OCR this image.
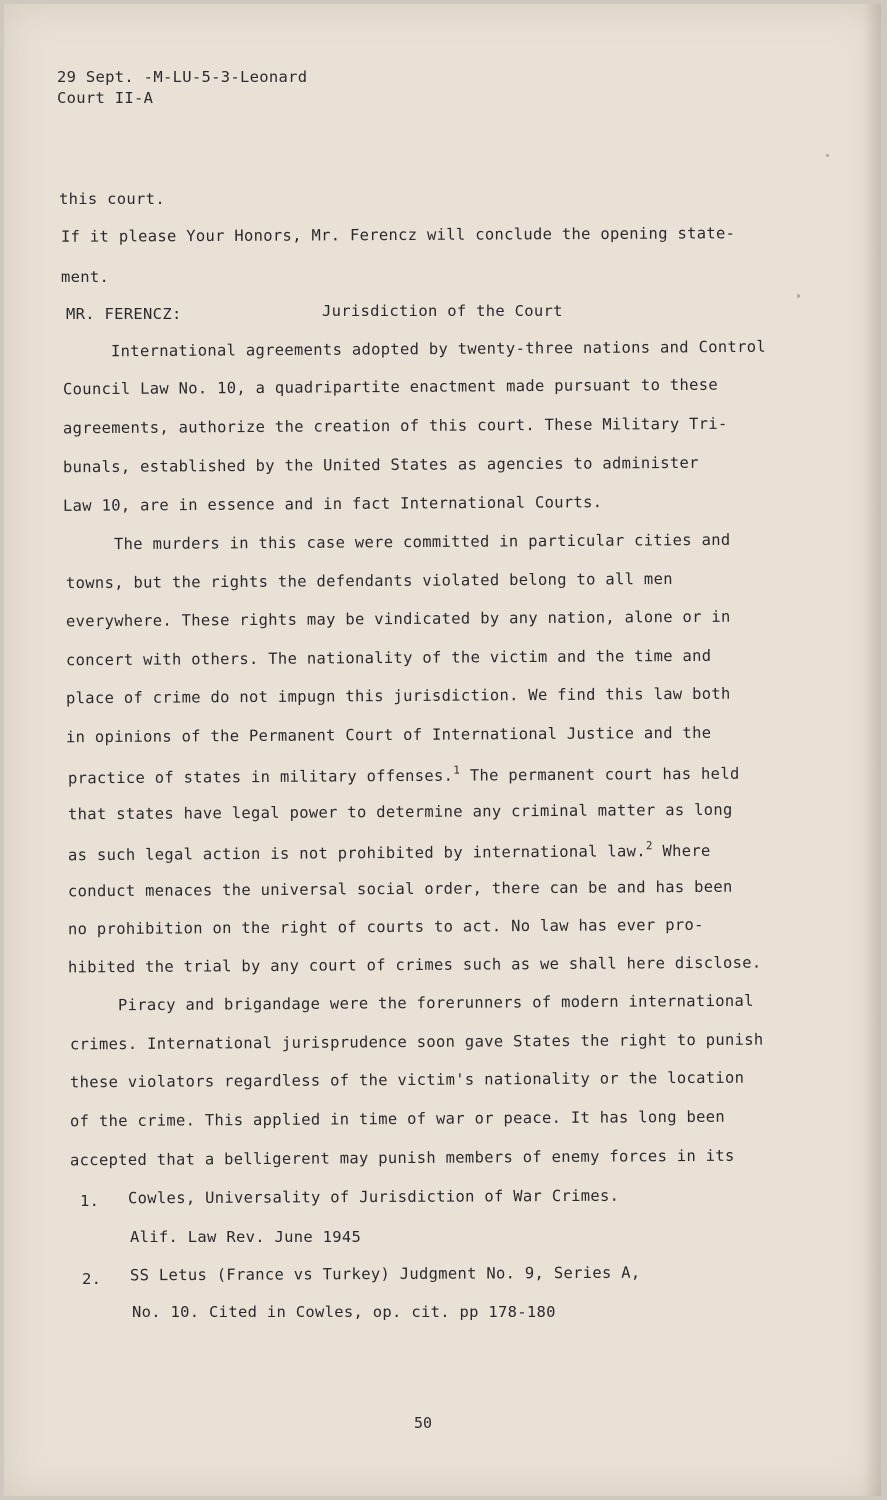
29 Sept. -M-LU-5-3-Leonard
Court II-A
this court.
If it please Your Honors, Mr. Ferencz will conclude the opening state-
ment.
MR. FERENCZ:	Jurisdiction of the Court
International agreements adopted by twenty-three nations and Control
Council Law No. 10, a quadripartite enactment made pursuant to these
agreements, authorize the creation of this court. These Military Tri-
bunals, established by the United States as agencies to administer
Law 10, are in essence and in fact International Courts.
The murders in this case were committed in particular cities and
towns, but the rights the defendants violated belong to all men
everywhere. These rights may be vindicated by any nation, alone or in
concert with others. The nationality of the victim and the time and
place of crime do not impugn this jurisdiction. We find this law both
in opinions of the Permanent Court of International Justice and the
practice of states in military offenses.$^1$ The permanent court has held
that states have legal power to determine any criminal matter as long
as such legal action is not prohibited by international law.$^2$ Where
conduct menaces the universal social order, there can be and has been
no prohibition on the right of courts to act. No law has ever pro-
hibited the trial by any court of crimes such as we shall here disclose.
Piracy and brigandage were the forerunners of modern international
crimes. International jurisprudence soon gave States the right to punish
these violators regardless of the victim's nationality or the location
of the crime. This applied in time of war or peace. It has long been
accepted that a belligerent may punish members of enemy forces in its
1. Cowles, Universality of Jurisdiction of War Crimes.
Alif. Law Rev. June 1945
2. SS Letus (France vs Turkey) Judgment No. 9, Series A,
No. 10. Cited in Cowles, op. cit. pp 178-180
50
